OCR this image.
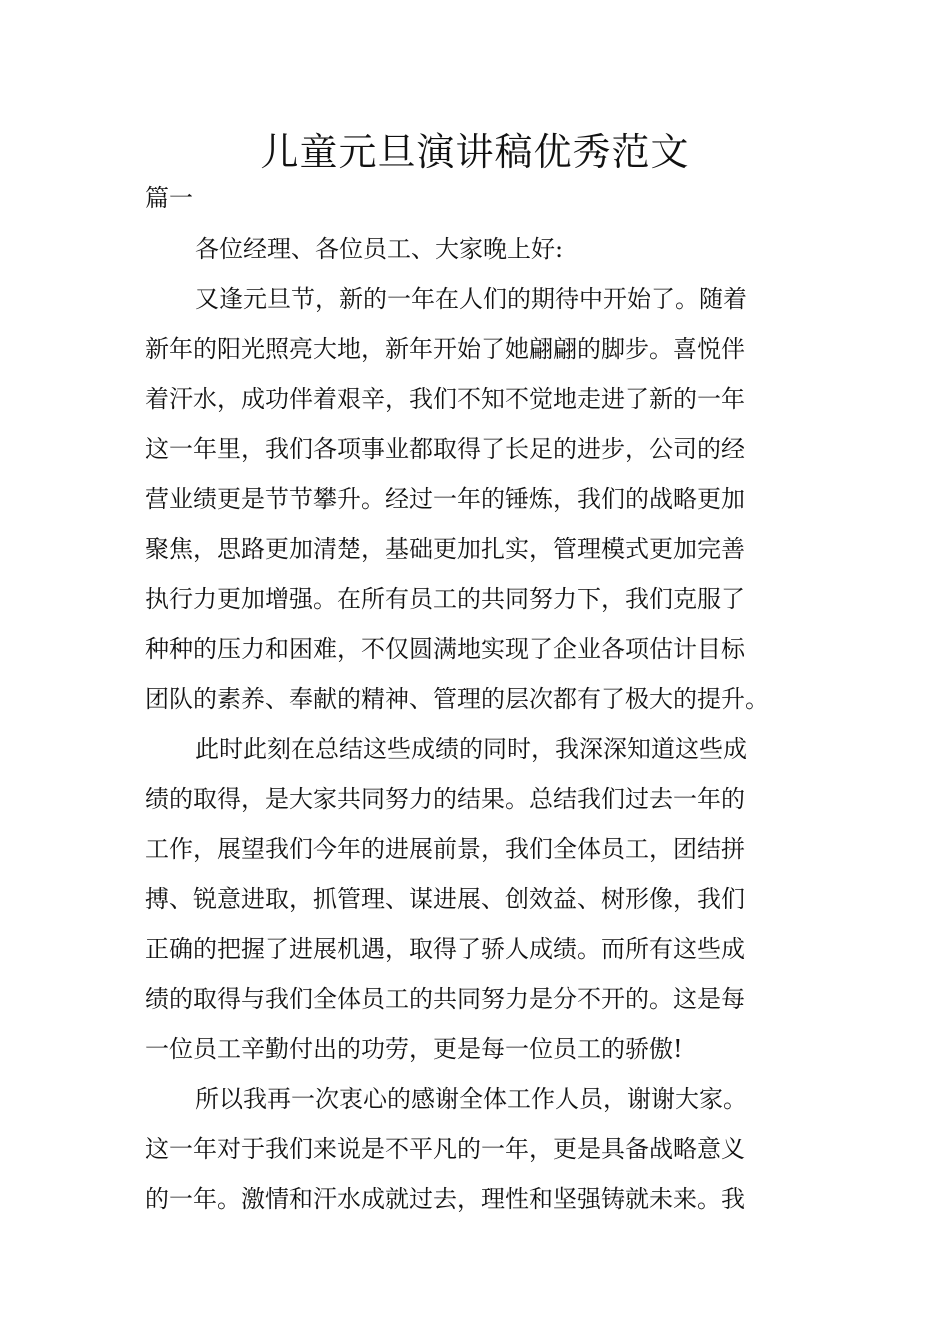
儿童元旦演讲稿优秀范文

篇一

各位经理、各位员工、大家晚上好:

又逢元旦节，新的一年在人们的期待中开始了。随着

新年的阳光照亮大地，新年开始了她翩翩的脚步。喜悦伴

着汗水，成功伴着艰辛，我们不知不觉地走进了新的一年

这一年里，我们各项事业都取得了长足的进步，公司的经

营业绩更是节节攀升。经过一年的锤炼，我们的战略更加

聚焦，思路更加清楚，基础更加扎实，管理模式更加完善

执行力更加增强。在所有员工的共同努力下，我们克服了

种种的压力和困难，不仅圆满地实现了企业各项估计目标

团队的素养、奉献的精神、管理的层次都有了极大的提升。

此时此刻在总结这些成绩的同时，我深深知道这些成

绩的取得，是大家共同努力的结果。总结我们过去一年的

工作，展望我们今年的进展前景，我们全体员工，团结拼

搏、锐意进取，抓管理、谋进展、创效益、树形像，我们

正确的把握了进展机遇，取得了骄人成绩。而所有这些成

绩的取得与我们全体员工的共同努力是分不开的。这是每

一位员工辛勤付出的功劳，更是每一位员工的骄傲!

所以我再一次衷心的感谢全体工作人员，谢谢大家。

这一年对于我们来说是不平凡的一年，更是具备战略意义

的一年。激情和汗水成就过去，理性和坚强铸就未来。我
